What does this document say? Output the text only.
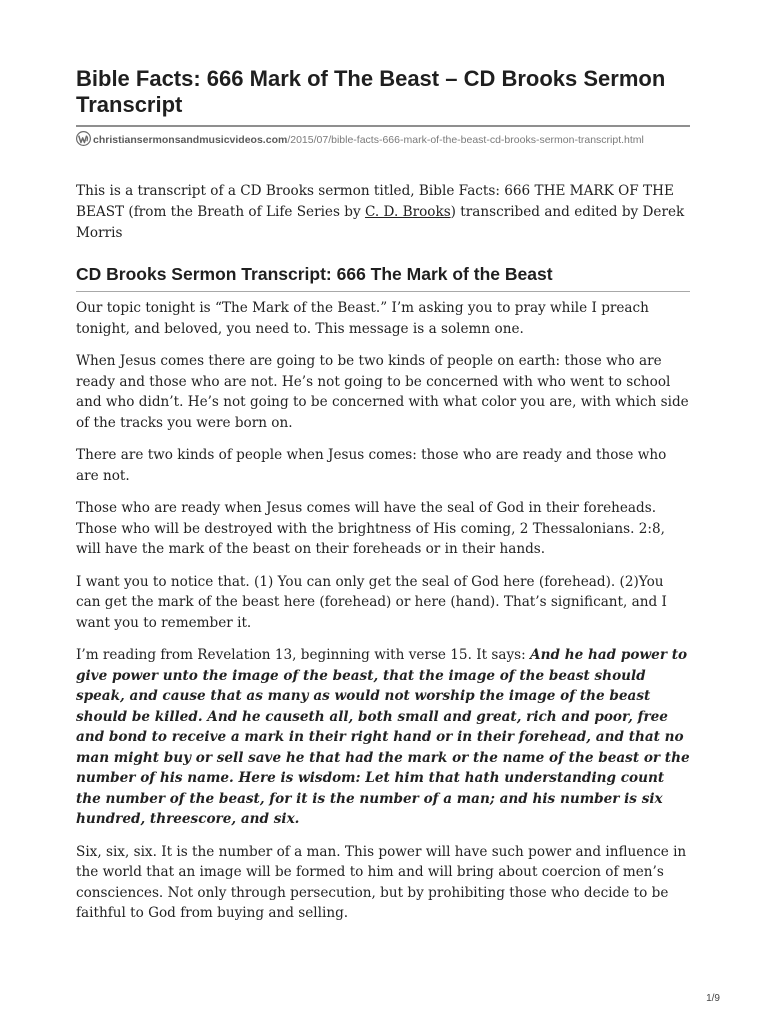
Bible Facts: 666 Mark of The Beast – CD Brooks Sermon Transcript
christiansermonsandmusicvideos.com/2015/07/bible-facts-666-mark-of-the-beast-cd-brooks-sermon-transcript.html

This is a transcript of a CD Brooks sermon titled, Bible Facts: 666 THE MARK OF THE BEAST (from the Breath of Life Series by C. D. Brooks) transcribed and edited by Derek Morris

CD Brooks Sermon Transcript: 666 The Mark of the Beast

Our topic tonight is “The Mark of the Beast.” I’m asking you to pray while I preach tonight, and beloved, you need to. This message is a solemn one.

When Jesus comes there are going to be two kinds of people on earth: those who are ready and those who are not. He’s not going to be concerned with who went to school and who didn’t. He’s not going to be concerned with what color you are, with which side of the tracks you were born on.

There are two kinds of people when Jesus comes: those who are ready and those who are not.

Those who are ready when Jesus comes will have the seal of God in their foreheads. Those who will be destroyed with the brightness of His coming, 2 Thessalonians. 2:8, will have the mark of the beast on their foreheads or in their hands.

I want you to notice that. (1) You can only get the seal of God here (forehead). (2)You can get the mark of the beast here (forehead) or here (hand). That’s significant, and I want you to remember it.

I’m reading from Revelation 13, beginning with verse 15. It says: And he had power to give power unto the image of the beast, that the image of the beast should speak, and cause that as many as would not worship the image of the beast should be killed. And he causeth all, both small and great, rich and poor, free and bond to receive a mark in their right hand or in their forehead, and that no man might buy or sell save he that had the mark or the name of the beast or the number of his name. Here is wisdom: Let him that hath understanding count the number of the beast, for it is the number of a man; and his number is six hundred, threescore, and six.

Six, six, six. It is the number of a man. This power will have such power and influence in the world that an image will be formed to him and will bring about coercion of men’s consciences. Not only through persecution, but by prohibiting those who decide to be faithful to God from buying and selling.

1/9
